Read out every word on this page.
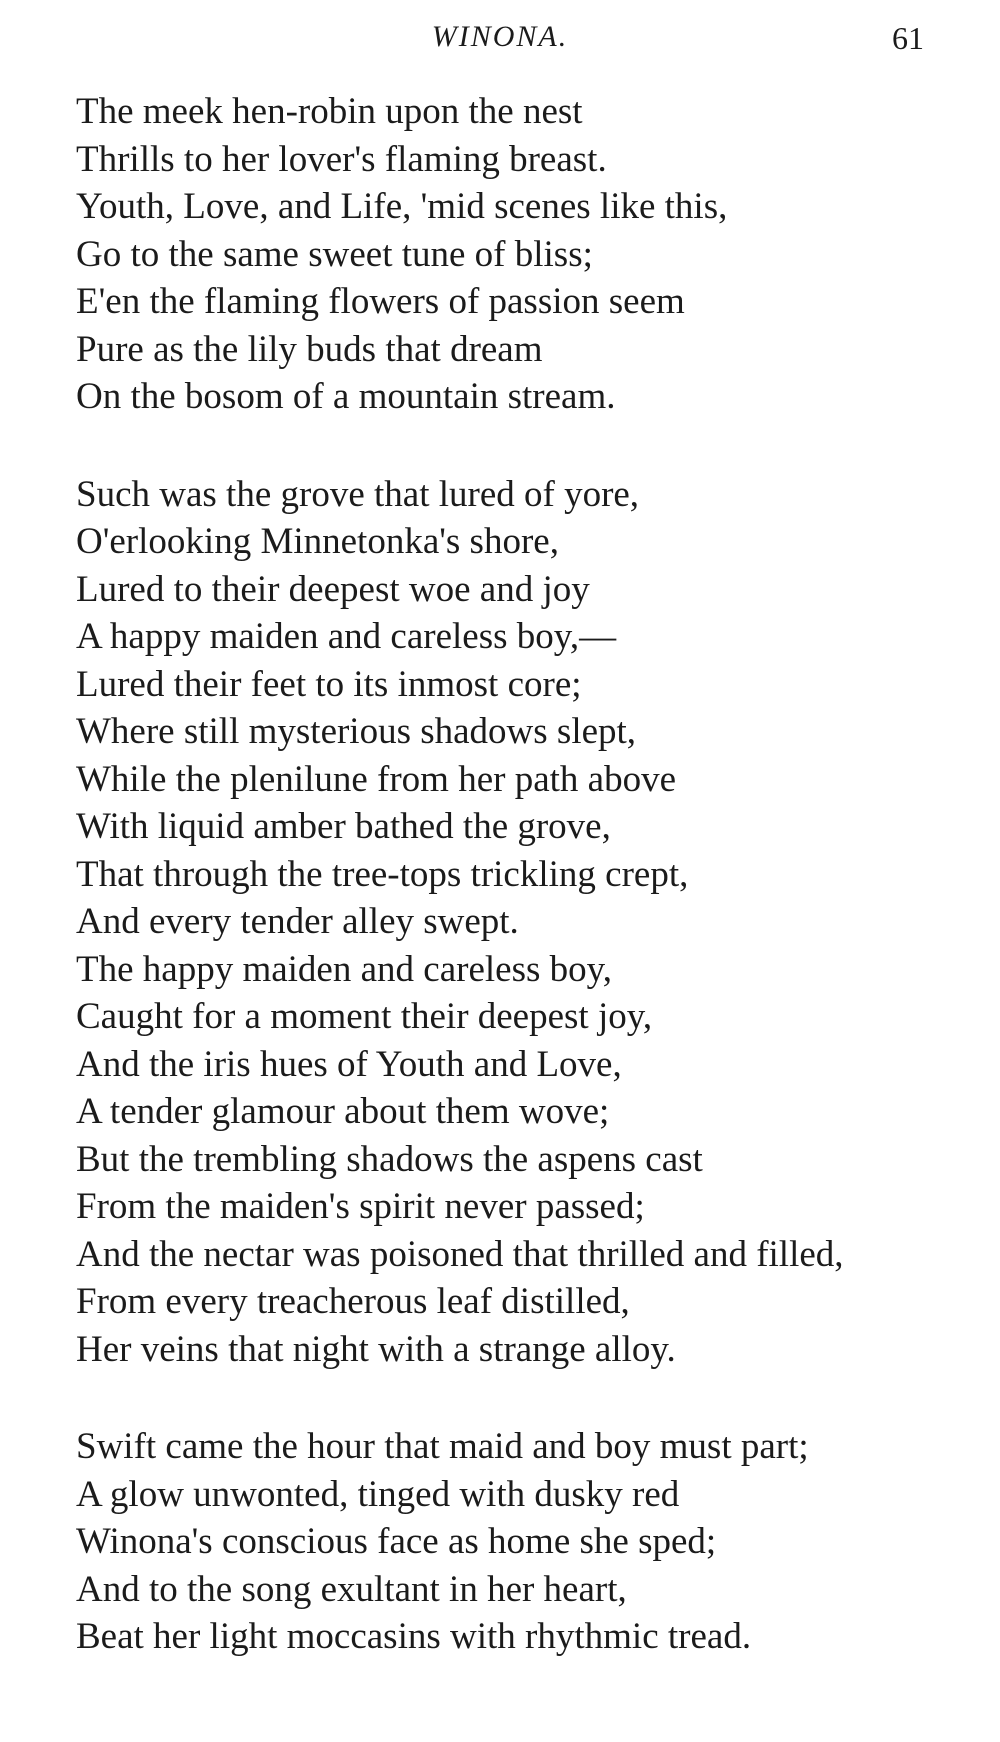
WINONA.	61
The meek hen-robin upon the nest
Thrills to her lover's flaming breast.
Youth, Love, and Life, 'mid scenes like this,
Go to the same sweet tune of bliss;
E'en the flaming flowers of passion seem
Pure as the lily buds that dream
On the bosom of a mountain stream.
Such was the grove that lured of yore,
O'erlooking Minnetonka's shore,
Lured to their deepest woe and joy
A happy maiden and careless boy,—
Lured their feet to its inmost core;
Where still mysterious shadows slept,
While the plenilune from her path above
With liquid amber bathed the grove,
That through the tree-tops trickling crept,
And every tender alley swept.
The happy maiden and careless boy,
Caught for a moment their deepest joy,
And the iris hues of Youth and Love,
A tender glamour about them wove;
But the trembling shadows the aspens cast
From the maiden's spirit never passed;
And the nectar was poisoned that thrilled and filled,
From every treacherous leaf distilled,
Her veins that night with a strange alloy.
Swift came the hour that maid and boy must part;
A glow unwonted, tinged with dusky red
Winona's conscious face as home she sped;
And to the song exultant in her heart,
Beat her light moccasins with rhythmic tread.
